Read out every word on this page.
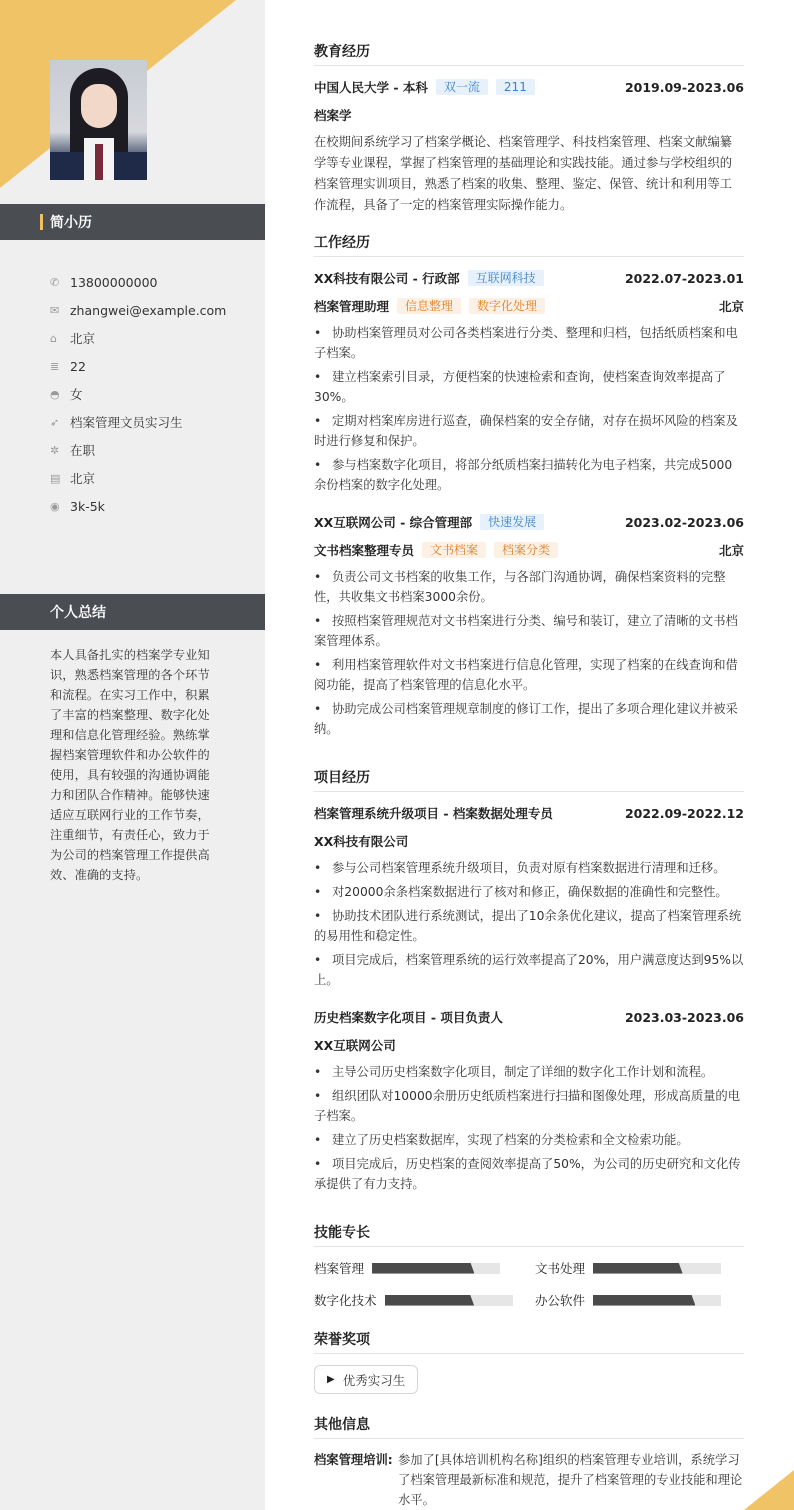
简小历
✆ 13800000000
✉ zhangwei@example.com
⌂	北京
≣ 22
◓ 女
➶ 档案管理文员实习生
✲ 在职
▤ 北京
◉ 3k-5k
个人总结
本人具备扎实的档案学专业知识，熟悉档案管理的各个环节和流程。在实习工作中，积累了丰富的档案整理、数字化处理和信息化管理经验。熟练掌握档案管理软件和办公软件的使用，具有较强的沟通协调能力和团队合作精神。能够快速适应互联网行业的工作节奏，注重细节，有责任心，致力于为公司的档案管理工作提供高效、准确的支持。
教育经历
中国人民大学 - 本科	双一流	211	2019.09-2023.06
档案学
在校期间系统学习了档案学概论、档案管理学、科技档案管理、档案文献编纂学等专业课程，掌握了档案管理的基础理论和实践技能。通过参与学校组织的档案管理实训项目，熟悉了档案的收集、整理、鉴定、保管、统计和利用等工作流程，具备了一定的档案管理实际操作能力。
工作经历
XX科技有限公司 - 行政部	互联网科技	2022.07-2023.01
档案管理助理	信息整理	数字化处理	北京
• 协助档案管理员对公司各类档案进行分类、整理和归档，包括纸质档案和电子档案。
• 建立档案索引目录，方便档案的快速检索和查询，使档案查询效率提高了30%。
• 定期对档案库房进行巡查，确保档案的安全存储，对存在损坏风险的档案及时进行修复和保护。
• 参与档案数字化项目，将部分纸质档案扫描转化为电子档案，共完成5000余份档案的数字化处理。
XX互联网公司 - 综合管理部	快速发展	2023.02-2023.06
文书档案整理专员	文书档案	档案分类	北京
• 负责公司文书档案的收集工作，与各部门沟通协调，确保档案资料的完整性，共收集文书档案3000余份。
• 按照档案管理规范对文书档案进行分类、编号和装订，建立了清晰的文书档案管理体系。
• 利用档案管理软件对文书档案进行信息化管理，实现了档案的在线查询和借阅功能，提高了档案管理的信息化水平。
• 协助完成公司档案管理规章制度的修订工作，提出了多项合理化建议并被采纳。
项目经历
档案管理系统升级项目 - 档案数据处理专员	2022.09-2022.12
XX科技有限公司
• 参与公司档案管理系统升级项目，负责对原有档案数据进行清理和迁移。
• 对20000余条档案数据进行了核对和修正，确保数据的准确性和完整性。
• 协助技术团队进行系统测试，提出了10余条优化建议，提高了档案管理系统的易用性和稳定性。
• 项目完成后，档案管理系统的运行效率提高了20%，用户满意度达到95%以上。
历史档案数字化项目 - 项目负责人	2023.03-2023.06
XX互联网公司
• 主导公司历史档案数字化项目，制定了详细的数字化工作计划和流程。
• 组织团队对10000余册历史纸质档案进行扫描和图像处理，形成高质量的电子档案。
• 建立了历史档案数据库，实现了档案的分类检索和全文检索功能。
• 项目完成后，历史档案的查阅效率提高了50%，为公司的历史研究和文化传承提供了有力支持。
技能专长
档案管理	文书处理
数字化技术	办公软件
荣誉奖项
▶ 优秀实习生
其他信息
档案管理培训: 参加了[具体培训机构名称]组织的档案管理专业培训，系统学习了档案管理最新标准和规范，提升了档案管理的专业技能和理论水平。
